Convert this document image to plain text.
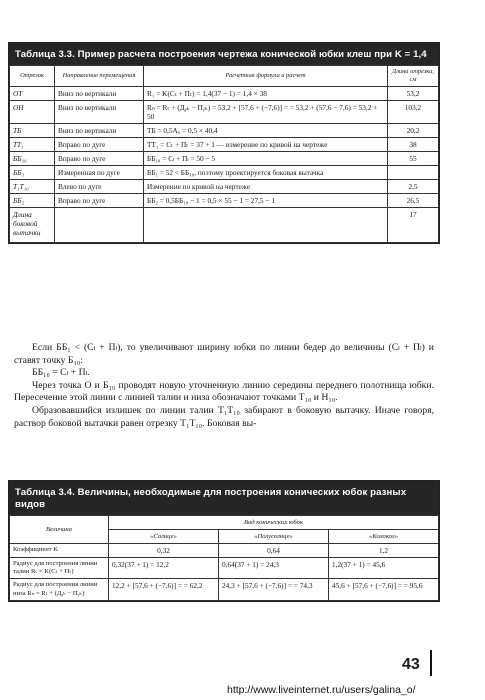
Таблица 3.3. Пример расчета построения чертежа конической юбки клеш при K = 1,4
Отрезок	Направление перемещения	Расчетная формула и расчет	Длина отрезка, см
ОТ	Вниз по вертикали	R₁ = K(Cₜ + Пₜ) = 1,4(37 − 1) = 1,4 × 38	53,2
ОН	Вниз по вертикали	Rₙ = Rₜ + (Дᵧₖ − Пᵧₖ) = 53,2 + [57,6 + (−7,6)] = = 53,2 + (57,6 − 7,6) = 53,2 + 50	103,2
ТБ	Вниз по вертикали	ТБ = 0,5Aᵤ = 0,5 × 40,4	20,2
ТТ₁	Вправо по дуге	ТТ₁ = Сₜ + Пₜ = 37 + 1 — измерение по кривой на чертеже	38
ББ₁₀	Вправо по дуге	ББ₁₀ = Сₗ + Пₗ = 50 − 5	55
ББ₁	Измеренная по дуге	ББ₁ = 52 < ББ₁₀, поэтому проектируется боковая вытачка	
T₁T₁₀	Влево по дуге	Измерение по кривой на чертеже	2,5
ББ₂	Вправо по дуге	ББ₂ = 0,5ББ₁₀ − 1 = 0,5 × 55 − 1 = 27,5 − 1	26,5
Длина боковой вытачки			17

Если ББ₁ < (Сₗ + Пₗ), то увеличивают ширину юбки по линии бедер до величины (Сₗ + Пₗ) и ставят точку Б₁₀:

ББ₁₀ = Сₗ + Пₗ.

Через точка О и Б₁₀ проводят новую уточненную линию середины переднего полотнища юбки. Пересечение этой линии с линией талии и низа обозначают точками Т₁₀ и Н₁₀.

Образовавшийся излишек по линии талии T₁T₁₀ забирают в боковую вытачку. Иначе говоря, раствор боковой вытачки равен отрезку T₁T₁₀. Боковая вы-

Таблица 3.4. Величины, необходимые для построения конических юбок разных видов
Величина	Вид конических юбок		
	«Солнце»	«Полусолнце»	«Колокол»
Коэффициент K	0,32	0,64	1,2
Радиус для построения линии талии Rₜ = K(Cₜ + Пₜ)	0,32(37 + 1) = 12,2	0,64(37 + 1) = 24,3	1,2(37 + 1) = 45,6
Радиус для построения линии низа Rₙ = Rₜ + (Дᵧₖ − Пᵧₖ)	12,2 + [57,6 + (−7,6)] = = 62,2	24,3 + [57,6 + (−7,6)] = = 74,3	45,6 + [57,6 + (−7,6)] = = 95,6
43
http://www.liveinternet.ru/users/galina_o/
